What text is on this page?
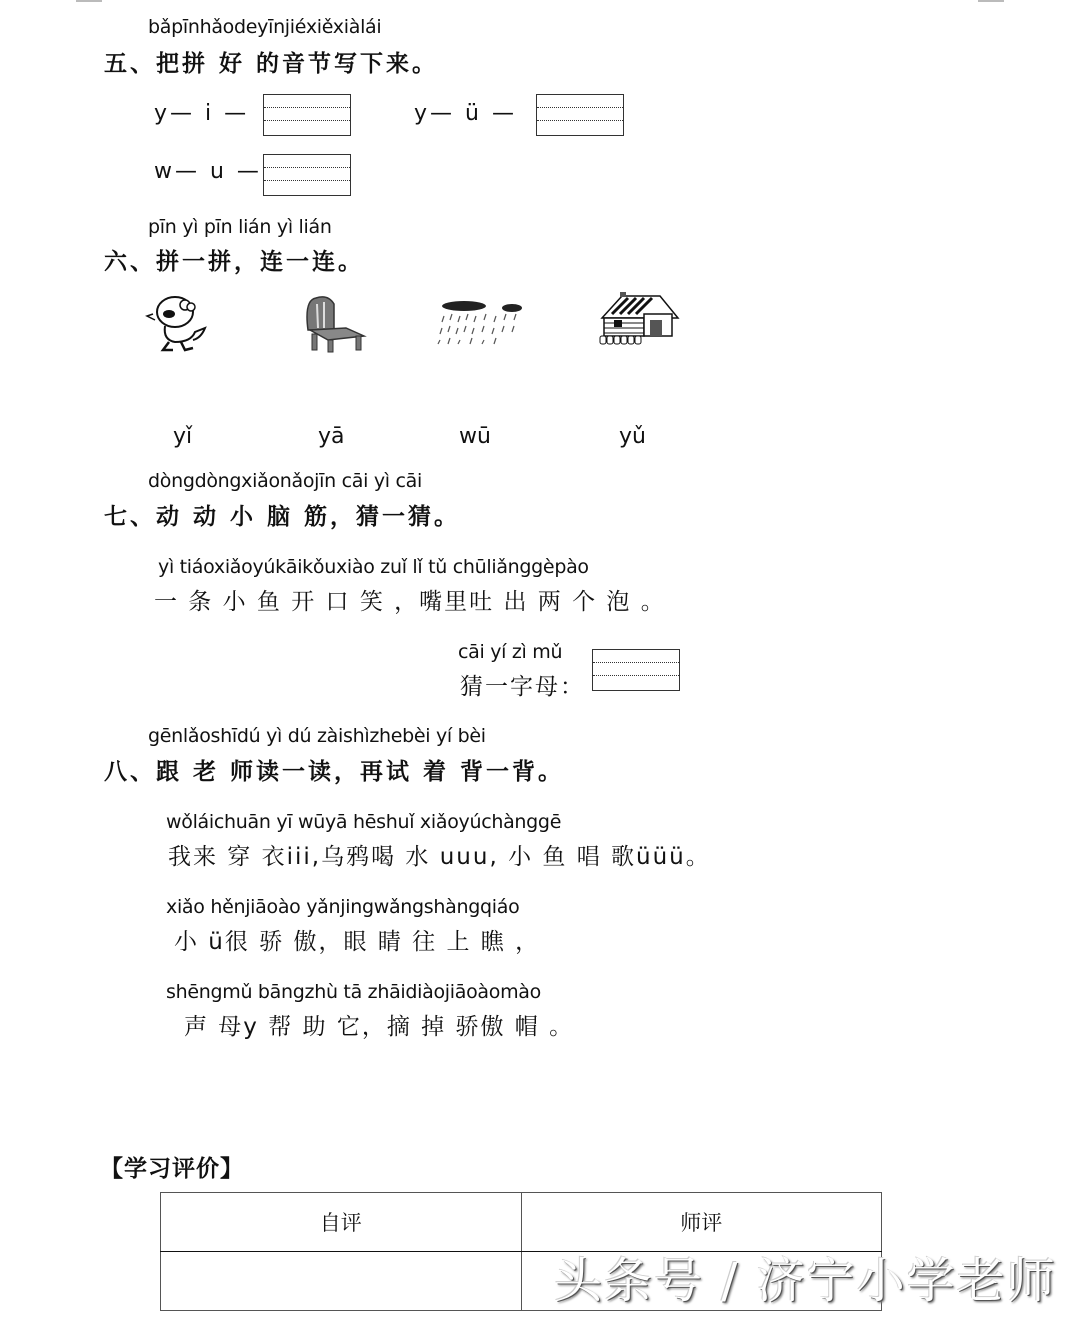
bǎpīnhǎodeyīnjiéxiěxiàlái
五、把拼 好 的音节写下来。
y— i —	y— ü —
w— u —
pīn yì pīn lián yì lián
六、拼一拼，连一连。
yǐ	yā	wū	yǔ
dòngdòngxiǎonǎojīn cāi yì cāi
七、动 动 小 脑 筋，猜一猜。
yì tiáoxiǎoyúkāikǒuxiào zuǐ lǐ tǔ chūliǎnggèpào
一 条 小 鱼 开 口 笑 ，嘴里吐 出 两 个 泡 。
cāi yí zì mǔ
猜一字母：
gēnlǎoshīdú yì dú zàishìzhebèi yí bèi
八、跟 老 师读一读，再试 着 背一背。
wǒláichuān yī wūyā hēshuǐ xiǎoyúchànggē
我来 穿 衣iii,乌鸦喝 水 uuu, 小 鱼 唱 歌üüü。
xiǎo hěnjiāoào yǎnjingwǎngshàngqiáo
小 ü很 骄 傲，眼 睛 往 上 瞧 ，
shēngmǔ bāngzhù tā zhāidiàojiāoàomào
声 母y 帮 助 它，摘 掉 骄傲 帽 。
【学习评价】
自评	师评

头条号 / 济宁小学老师
